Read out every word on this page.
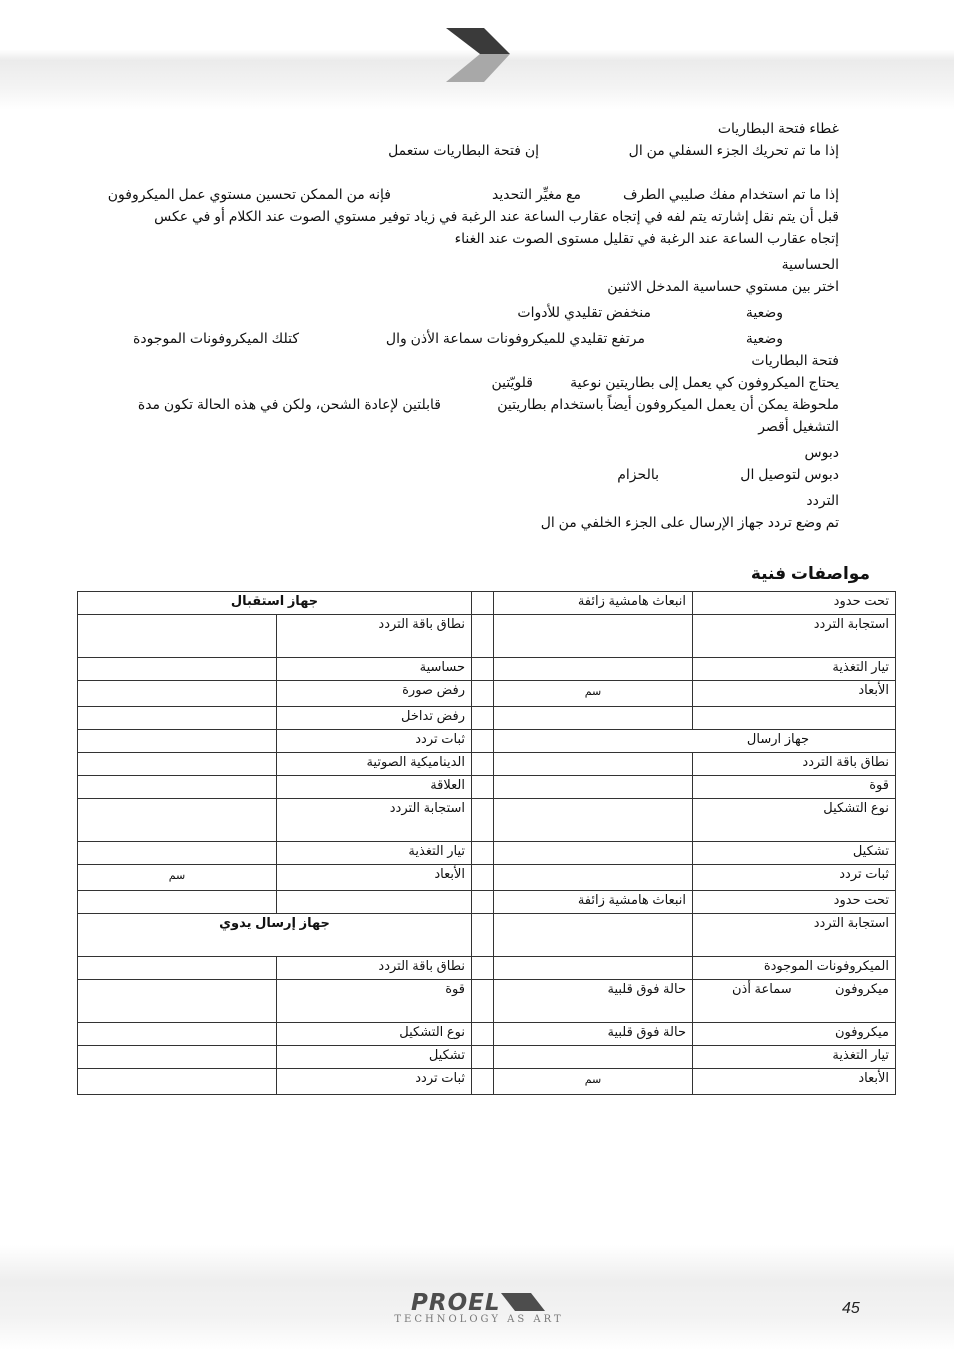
غطاء فتحة البطاريات
إذا ما تم تحريك الجزء السفلي من ال
إن فتحة البطاريات ستعمل
إذا ما تم استخدام مفك صليبي الطرف
مع مغيِّر التحديد
فإنه من الممكن تحسين مستوي عمل الميكروفون
قبل أن يتم نقل إشارته يتم لفه في إتجاه عقارب الساعة عند الرغبة في زياد توفير مستوي الصوت عند الكلام أو في عكس
إتجاه عقارب الساعة عند الرغبة في تقليل مستوى الصوت عند الغناء
الحساسية
اختر بين مستوي حساسية المدخل الاثنين
وضعية
منخفض تقليدي للأدوات
وضعية
مرتفع تقليدي للميكروفونات سماعة الأذن وال
كتلك الميكروفونات الموجودة
فتحة البطاريات
يحتاج الميكروفون كي يعمل إلى بطاريتين نوعية
قلويّتين
ملحوظة يمكن أن يعمل الميكروفون أيضاً باستخدام بطاريتين
قابلتين لإعادة الشحن، ولكن في هذه الحالة تكون مدة
التشغيل أقصر
دبوس
دبوس لتوصيل ال
بالحزام
التردد
تم وضع تردد جهاز الإرسال على الجزء الخلفي من ال
مواصفات فنية
جهاز استقبال			انبعاث هامشية زائفة	تحت حدود
	نطاق باقة التردد			استجابة التردد
	حساسية			تيار التغذية
	رفض صورة		سم	الأبعاد
	رفض تداخل			
	ثبات تردد		جهاز ارسال	
	الديناميكية الصوتية			نطاق باقة التردد
	العلاقة			قوة
	استجابة التردد			نوع التشكيل
	تيار التغذية			تشكيل
سم	الأبعاد			ثبات تردد
			انبعاث هامشية زائفة	تحت حدود
جهاز إرسال يدوي				استجابة التردد
	نطاق باقة التردد			الميكروفونات الموجودة
	قوة		حالة فوق قلبية	ميكروفون            سماعة أذن
	نوع التشكيل		حالة فوق قلبية	ميكروفون
	تشكيل			تيار التغذية
	ثبات تردد		سم	الأبعاد
PROEL
TECHNOLOGY AS ART
45
